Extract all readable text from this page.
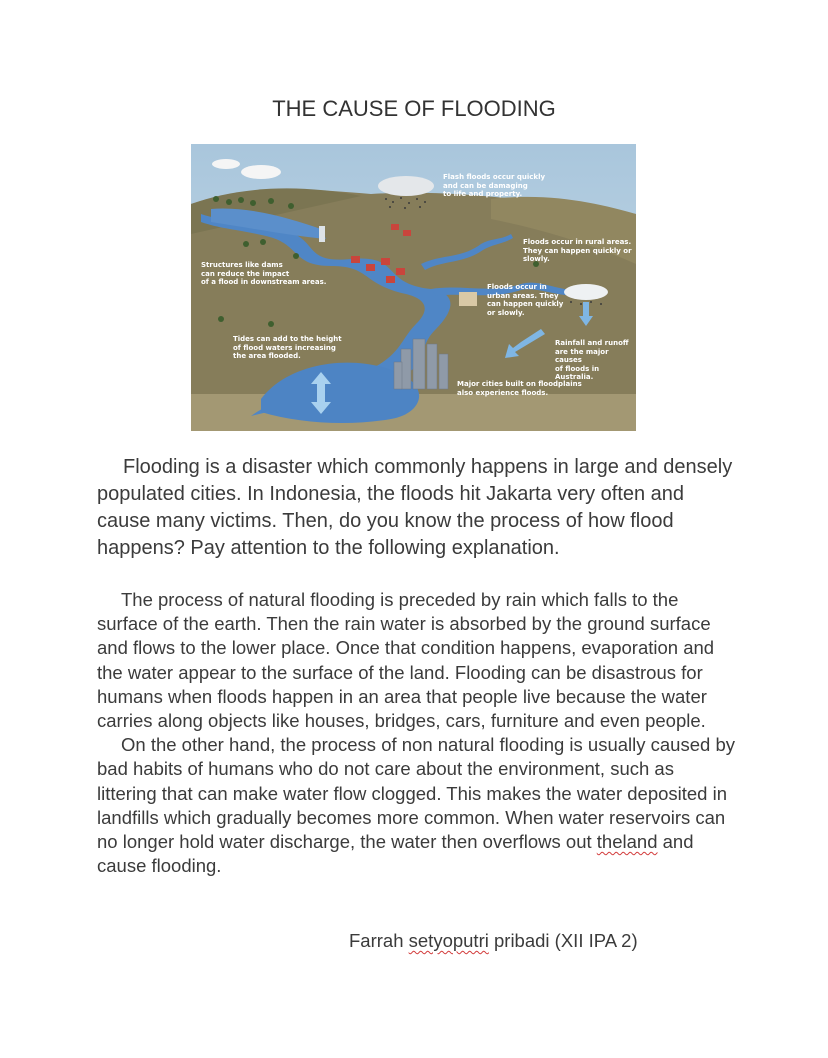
THE CAUSE OF FLOODING
Flash floods occur quickly
and can be damaging
to life and property.
Floods occur in rural areas.
They can happen quickly or
slowly.
Structures like dams
can reduce the impact
of a flood in downstream areas.
Floods occur in
urban areas. They
can happen quickly
or slowly.
Tides can add to the height
of flood waters increasing
the area flooded.
Rainfall and runoff
are the major causes
of floods in Australia.
Major cities built on floodplains
also experience floods.

Flooding is a disaster which commonly happens in large and densely populated cities. In Indonesia, the floods hit Jakarta very often and cause many victims. Then, do you know the process of how flood happens? Pay attention to the following explanation.

The process of natural flooding is preceded by rain which falls to the surface of the earth. Then the rain water is absorbed by the ground surface and flows to the lower place. Once that condition happens, evaporation and the water appear to the surface of the land. Flooding can be disastrous for humans when floods happen in an area that people live because the water carries along objects like houses, bridges, cars, furniture and even people.

On the other hand, the process of non natural flooding is usually caused by bad habits of humans who do not care about the environment, such as littering that can make water flow clogged. This makes the water deposited in landfills which gradually becomes more common. When water reservoirs can no longer hold water discharge, the water then overflows out theland and cause flooding.

Farrah setyoputri pribadi (XII IPA 2)
